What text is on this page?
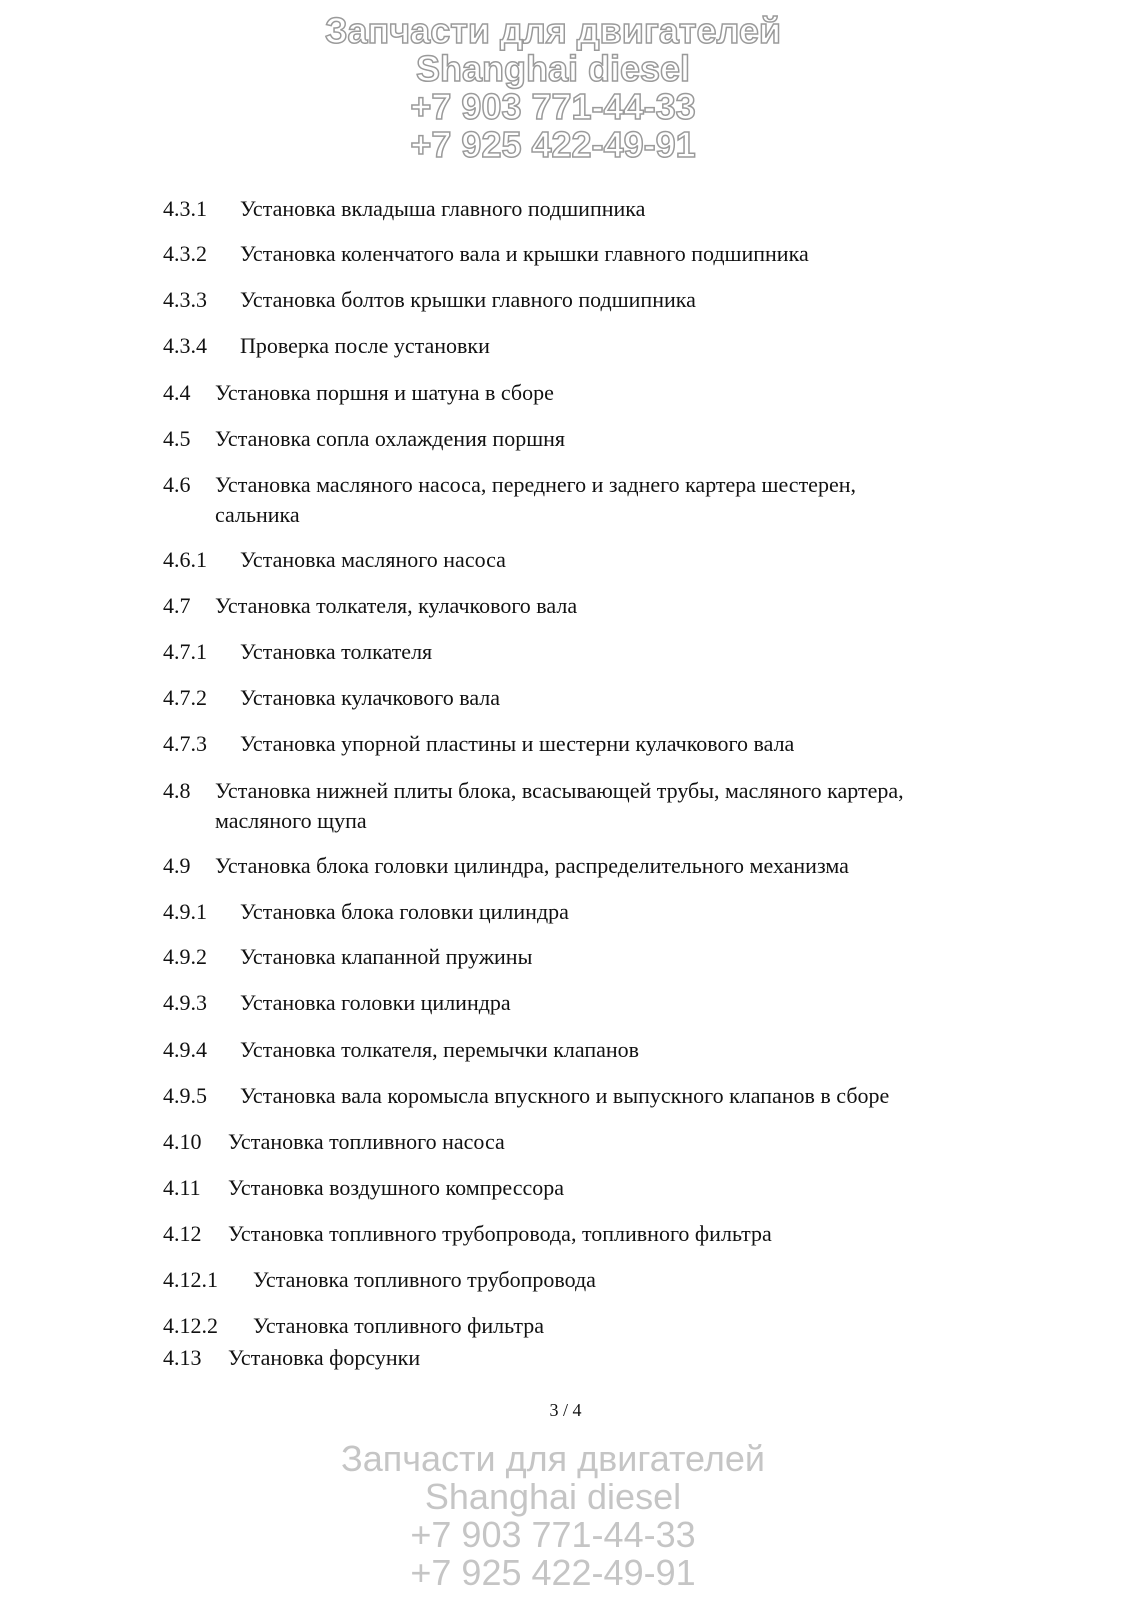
4.3.1 Установка вкладыша главного подшипника
4.3.2 Установка коленчатого вала и крышки главного подшипника
4.3.3 Установка болтов крышки главного подшипника
4.3.4 Проверка после установки
4.4 Установка поршня и шатуна в сборе
4.5 Установка сопла охлаждения поршня
4.6 Установка масляного насоса, переднего и заднего картера шестерен,
сальника
4.6.1 Установка масляного насоса
4.7 Установка толкателя, кулачкового вала
4.7.1 Установка толкателя
4.7.2 Установка кулачкового вала
4.7.3 Установка упорной пластины и шестерни кулачкового вала
4.8 Установка нижней плиты блока, всасывающей трубы, масляного картера,
масляного щупа
4.9 Установка блока головки цилиндра, распределительного механизма
4.9.1 Установка блока головки цилиндра
4.9.2 Установка клапанной пружины
4.9.3 Установка головки цилиндра
4.9.4 Установка толкателя, перемычки клапанов
4.9.5 Установка вала коромысла впускного и выпускного клапанов в сборе
4.10 Установка топливного насоса
4.11 Установка воздушного компрессора
4.12 Установка топливного трубопровода, топливного фильтра
4.12.1 Установка топливного трубопровода
4.12.2 Установка топливного фильтра
4.13 Установка форсунки
Запчасти для двигателей
Shanghai diesel
+7 903 771-44-33
+7 925 422-49-91
Запчасти для двигателей
Shanghai diesel
+7 903 771-44-33
+7 925 422-49-91
3 / 4
